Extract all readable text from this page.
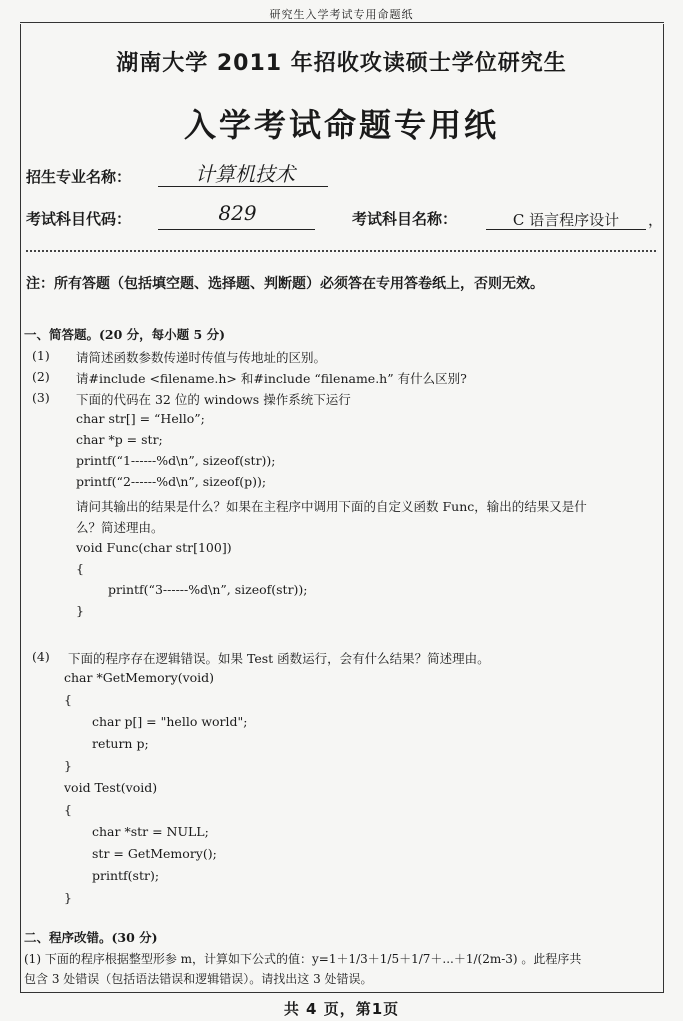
研究生入学考试专用命题纸
湖南大学 2011 年招收攻读硕士学位研究生
入学考试命题专用纸
招生专业名称：	计算机技术
考试科目代码：	829	考试科目名称：	C 语言程序设计	，
注：所有答题（包括填空题、选择题、判断题）必须答在专用答卷纸上，否则无效。
一、简答题。(20 分，每小题 5 分)
(1) 请简述函数参数传递时传值与传地址的区别。
(2) 请#include <filename.h> 和#include “filename.h” 有什么区别?
(3) 下面的代码在 32 位的 windows 操作系统下运行
char str[] = “Hello”;
char *p = str;
printf(“1------%d\n”, sizeof(str));
printf(“2------%d\n”, sizeof(p));
请问其输出的结果是什么？如果在主程序中调用下面的自定义函数 Func，输出的结果又是什
么？简述理由。
void Func(char str[100])
{
printf(“3------%d\n”, sizeof(str));
}
(4) 下面的程序存在逻辑错误。如果 Test 函数运行，会有什么结果？简述理由。
char *GetMemory(void)
{
char p[] = "hello world";
return p;
}
void Test(void)
{
char *str = NULL;
str = GetMemory();
printf(str);
}
二、程序改错。(30 分)
(1) 下面的程序根据整型形参 m，计算如下公式的值：y=1＋1/3＋1/5＋1/7＋...＋1/(2m-3) 。此程序共
包含 3 处错误（包括语法错误和逻辑错误）。请找出这 3 处错误。
共 4 页，第1页
